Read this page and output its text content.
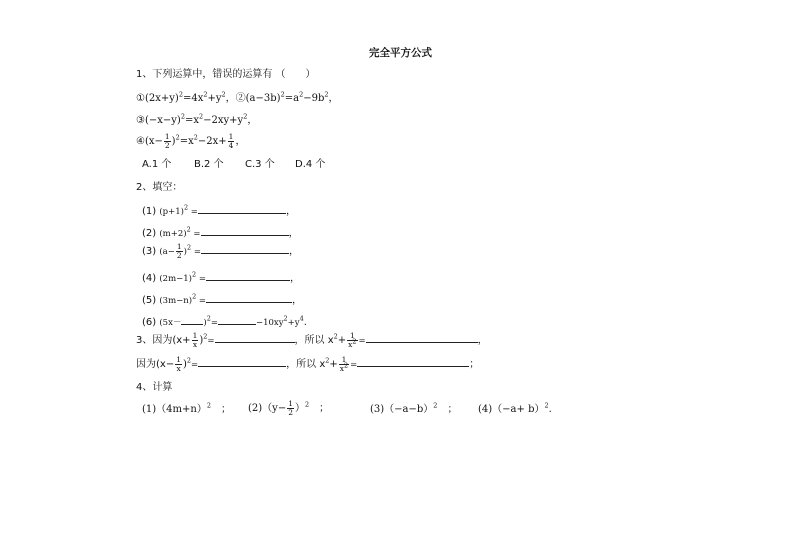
完全平方公式
1、下列运算中，错误的运算有 （　　）
$①(2x+y)^2=4x^2+y^2$，$②(a-3b)^2=a^2-9b^2$，
$③(-x-y)^2=x^2-2xy+y^2$，
④(x− $\frac{1}{2} )^2=x^2-2x+ \frac{1}{4}$ ，
A.1 个 B.2 个 C.3 个 D.4 个
2、填空：
(1) $(p+1)^2$ =	，
(2) $(m+2)^2$ =	，
(3) $(a- \frac{1}{2} )^2$ =	，
(4) $(2m-1)^2$ =	，
(5) $(3m-n)^2$ =	，
(6) (5x－	)$^2$=	$-10xy^2+y^4$.
3、因为$(x+ \frac{1}{x} )^2=$	，所以 $x^2+ \frac{1}{x^2}$ =	，
因为$(x- \frac{1}{x} )^2=$	，所以 $x^2+ \frac{1}{x^2}$ =	；
4、计算
$(1)(4m+n)^2$　 ； $(2)(y- \frac{1}{2} )^2$　 ；	$(3)(-a-b)^2$　 ； $(4)(-a+ b)^2$.
